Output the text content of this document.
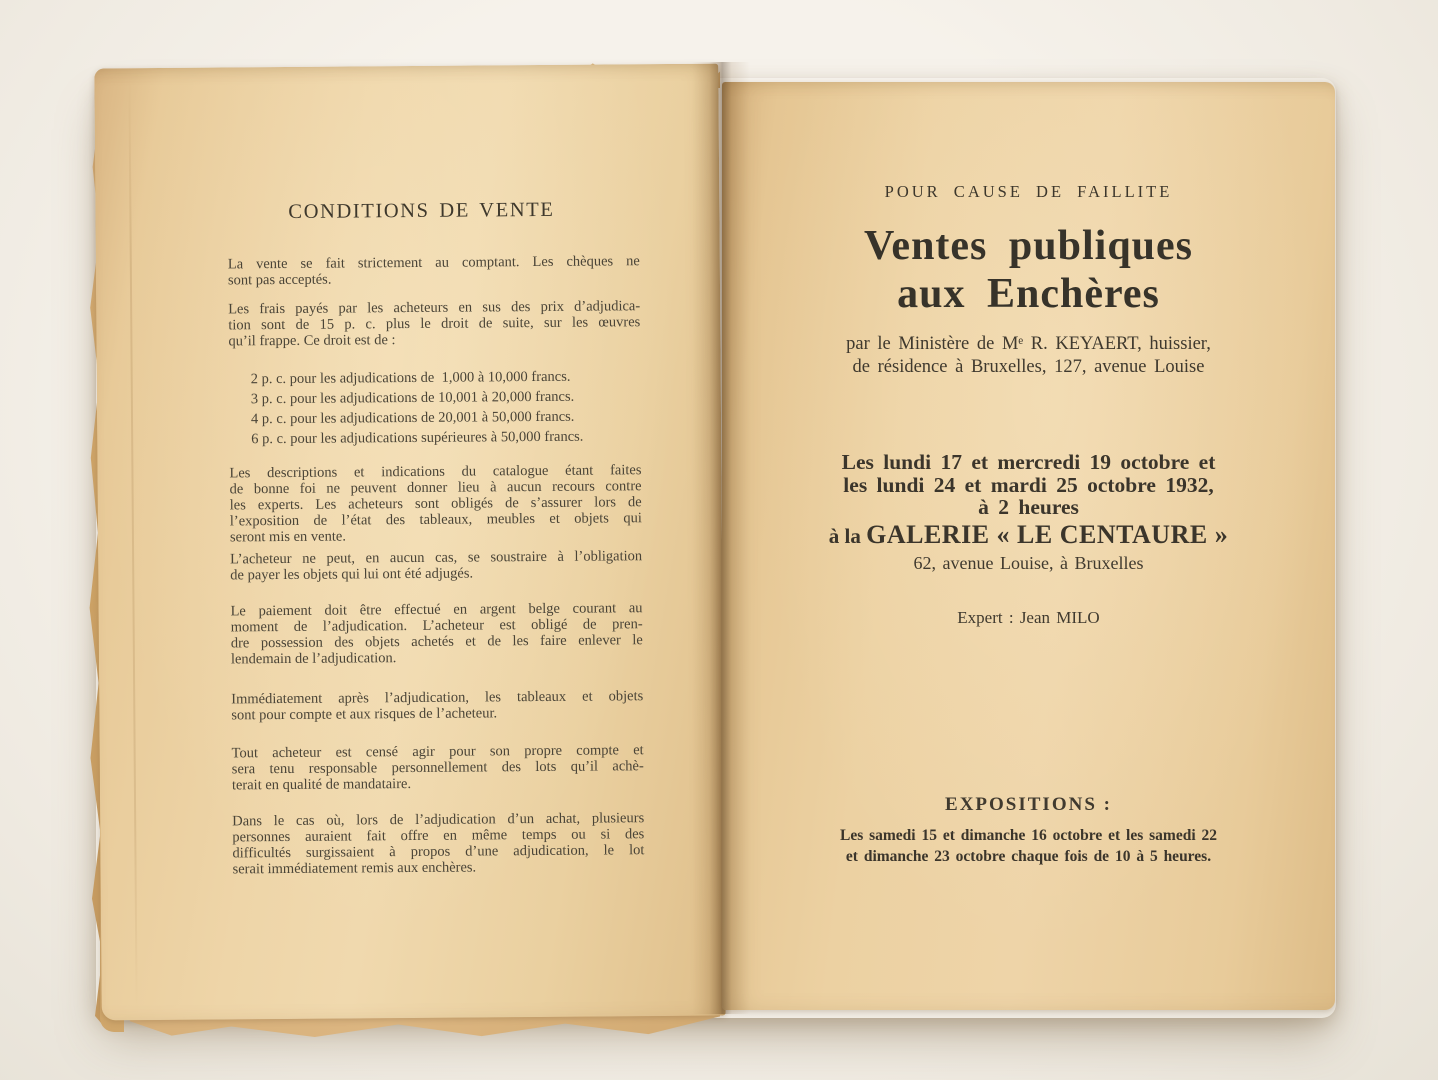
CONDITIONS DE VENTE
La vente se fait strictement au comptant. Les chèques ne
sont pas acceptés.
Les frais payés par les acheteurs en sus des prix d’adjudica-
tion sont de 15 p. c. plus le droit de suite, sur les œuvres
qu’il frappe. Ce droit est de :
2 p. c. pour les adjudications de  1,000 à 10,000 francs.
3 p. c. pour les adjudications de 10,001 à 20,000 francs.
4 p. c. pour les adjudications de 20,001 à 50,000 francs.
6 p. c. pour les adjudications supérieures à 50,000 francs.
Les descriptions et indications du catalogue étant faites
de bonne foi ne peuvent donner lieu à aucun recours contre
les experts. Les acheteurs sont obligés de s’assurer lors de
l’exposition de l’état des tableaux, meubles et objets qui
seront mis en vente.
L’acheteur ne peut, en aucun cas, se soustraire à l’obligation
de payer les objets qui lui ont été adjugés.
Le paiement doit être effectué en argent belge courant au
moment de l’adjudication. L’acheteur est obligé de pren-
dre possession des objets achetés et de les faire enlever le
lendemain de l’adjudication.
Immédiatement après l’adjudication, les tableaux et objets
sont pour compte et aux risques de l’acheteur.
Tout acheteur est censé agir pour son propre compte et
sera tenu responsable personnellement des lots qu’il achè-
terait en qualité de mandataire.
Dans le cas où, lors de l’adjudication d’un achat, plusieurs
personnes auraient fait offre en même temps ou si des
difficultés surgissaient à propos d’une adjudication, le lot
serait immédiatement remis aux enchères.
POUR CAUSE DE FAILLITE
Ventes publiques
aux Enchères
par le Ministère de Mᵉ R. KEYAERT, huissier,
de résidence à Bruxelles, 127, avenue Louise
Les lundi 17 et mercredi 19 octobre et
les lundi 24 et mardi 25 octobre 1932,
à 2 heures
à la GALERIE « LE CENTAURE »
62, avenue Louise, à Bruxelles
Expert : Jean MILO
EXPOSITIONS :
Les samedi 15 et dimanche 16 octobre et les samedi 22
et dimanche 23 octobre chaque fois de 10 à 5 heures.
